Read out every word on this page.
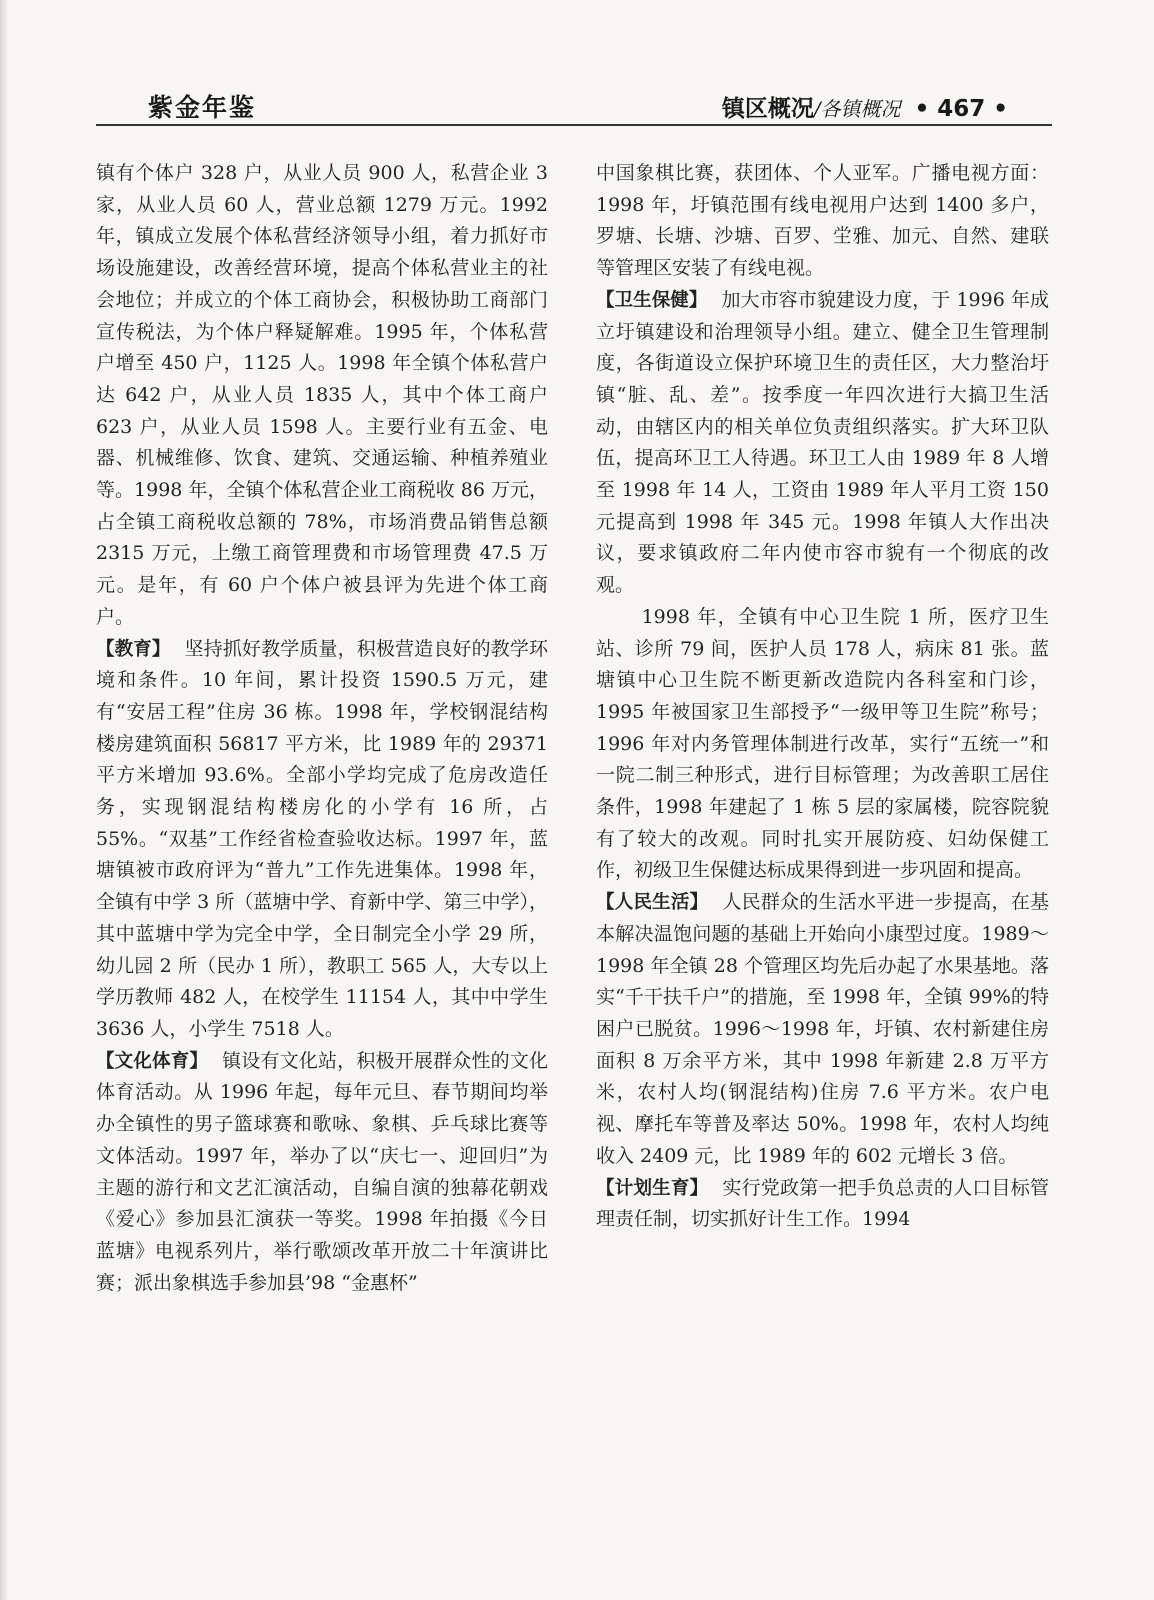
紫金年鉴	镇区概况/各镇概况 • 467 •

镇有个体户 328 户，从业人员 900 人，私营企业 3 家，从业人员 60 人，营业总额 1279 万元。1992 年，镇成立发展个体私营经济领导小组，着力抓好市场设施建设，改善经营环境，提高个体私营业主的社会地位；并成立的个体工商协会，积极协助工商部门宣传税法，为个体户释疑解难。1995 年，个体私营户增至 450 户，1125 人。1998 年全镇个体私营户达 642 户，从业人员 1835 人，其中个体工商户 623 户，从业人员 1598 人。主要行业有五金、电器、机械维修、饮食、建筑、交通运输、种植养殖业等。1998 年，全镇个体私营企业工商税收 86 万元，占全镇工商税收总额的 78%，市场消费品销售总额 2315 万元，上缴工商管理费和市场管理费 47.5 万元。是年，有 60 户个体户被县评为先进个体工商户。

【教育】 坚持抓好教学质量，积极营造良好的教学环境和条件。10 年间，累计投资 1590.5 万元，建有“安居工程”住房 36 栋。1998 年，学校钢混结构楼房建筑面积 56817 平方米，比 1989 年的 29371 平方米增加 93.6%。全部小学均完成了危房改造任务，实现钢混结构楼房化的小学有 16 所，占 55%。“双基”工作经省检查验收达标。1997 年，蓝塘镇被市政府评为“普九”工作先进集体。1998 年，全镇有中学 3 所（蓝塘中学、育新中学、第三中学），其中蓝塘中学为完全中学，全日制完全小学 29 所，幼儿园 2 所（民办 1 所），教职工 565 人，大专以上学历教师 482 人，在校学生 11154 人，其中中学生 3636 人，小学生 7518 人。

【文化体育】 镇设有文化站，积极开展群众性的文化体育活动。从 1996 年起，每年元旦、春节期间均举办全镇性的男子篮球赛和歌咏、象棋、乒乓球比赛等文体活动。1997 年，举办了以“庆七一、迎回归”为主题的游行和文艺汇演活动，自编自演的独幕花朝戏《爱心》参加县汇演获一等奖。1998 年拍摄《今日蓝塘》电视系列片，举行歌颂改革开放二十年演讲比赛；派出象棋选手参加县’98 “金惠杯”

中国象棋比赛，获团体、个人亚军。广播电视方面：1998 年，圩镇范围有线电视用户达到 1400 多户，罗塘、长塘、沙塘、百罗、坣雅、加元、自然、建联等管理区安装了有线电视。

【卫生保健】 加大市容市貌建设力度，于 1996 年成立圩镇建设和治理领导小组。建立、健全卫生管理制度，各街道设立保护环境卫生的责任区，大力整治圩镇“脏、乱、差”。按季度一年四次进行大搞卫生活动，由辖区内的相关单位负责组织落实。扩大环卫队伍，提高环卫工人待遇。环卫工人由 1989 年 8 人增至 1998 年 14 人，工资由 1989 年人平月工资 150 元提高到 1998 年 345 元。1998 年镇人大作出决议，要求镇政府二年内使市容市貌有一个彻底的改观。

1998 年，全镇有中心卫生院 1 所，医疗卫生站、诊所 79 间，医护人员 178 人，病床 81 张。蓝塘镇中心卫生院不断更新改造院内各科室和门诊，1995 年被国家卫生部授予“一级甲等卫生院”称号；1996 年对内务管理体制进行改革，实行“五统一”和一院二制三种形式，进行目标管理；为改善职工居住条件，1998 年建起了 1 栋 5 层的家属楼，院容院貌有了较大的改观。同时扎实开展防疫、妇幼保健工作，初级卫生保健达标成果得到进一步巩固和提高。

【人民生活】 人民群众的生活水平进一步提高，在基本解决温饱问题的基础上开始向小康型过度。1989～1998 年全镇 28 个管理区均先后办起了水果基地。落实“千干扶千户”的措施，至 1998 年，全镇 99%的特困户已脱贫。1996～1998 年，圩镇、农村新建住房面积 8 万余平方米，其中 1998 年新建 2.8 万平方米，农村人均(钢混结构)住房 7.6 平方米。农户电视、摩托车等普及率达 50%。1998 年，农村人均纯收入 2409 元，比 1989 年的 602 元增长 3 倍。

【计划生育】 实行党政第一把手负总责的人口目标管理责任制，切实抓好计生工作。1994
